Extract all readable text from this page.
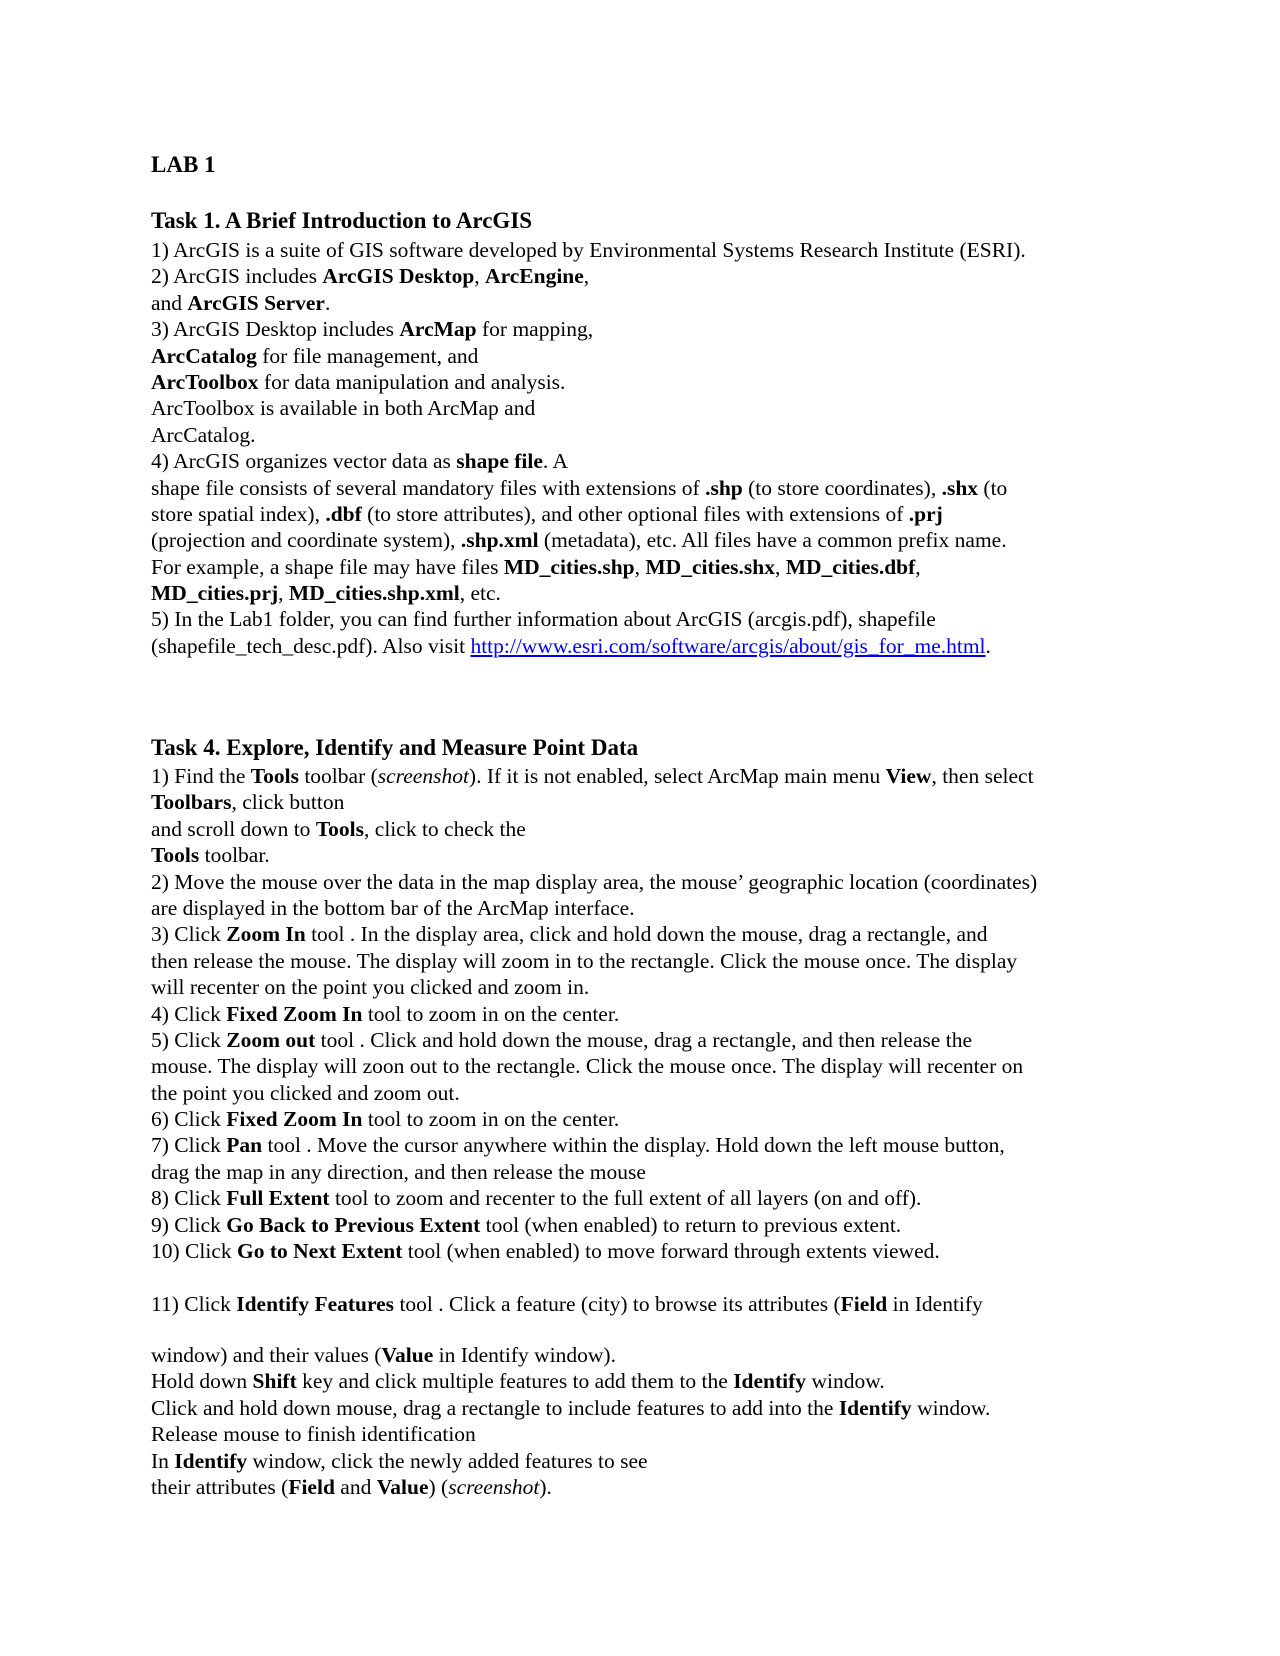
LAB 1
Task 1. A Brief Introduction to ArcGIS
1) ArcGIS is a suite of GIS software developed by Environmental Systems Research Institute (ESRI).
2) ArcGIS includes ArcGIS Desktop, ArcEngine,
and ArcGIS Server.
3) ArcGIS Desktop includes ArcMap for mapping,
ArcCatalog for file management, and
ArcToolbox for data manipulation and analysis.
ArcToolbox is available in both ArcMap and
ArcCatalog.
4) ArcGIS organizes vector data as shape file. A
shape file consists of several mandatory files with extensions of .shp (to store coordinates), .shx (to
store spatial index), .dbf (to store attributes), and other optional files with extensions of .prj
(projection and coordinate system), .shp.xml (metadata), etc. All files have a common prefix name.
For example, a shape file may have files MD_cities.shp, MD_cities.shx, MD_cities.dbf,
MD_cities.prj, MD_cities.shp.xml, etc.
5) In the Lab1 folder, you can find further information about ArcGIS (arcgis.pdf), shapefile
(shapefile_tech_desc.pdf). Also visit http://www.esri.com/software/arcgis/about/gis_for_me.html.
Task 4. Explore, Identify and Measure Point Data
1) Find the Tools toolbar (screenshot). If it is not enabled, select ArcMap main menu View, then select
Toolbars, click button
and scroll down to Tools, click to check the
Tools toolbar.
2) Move the mouse over the data in the map display area, the mouse’ geographic location (coordinates)
are displayed in the bottom bar of the ArcMap interface.
3) Click Zoom In tool . In the display area, click and hold down the mouse, drag a rectangle, and
then release the mouse. The display will zoom in to the rectangle. Click the mouse once. The display
will recenter on the point you clicked and zoom in.
4) Click Fixed Zoom In tool to zoom in on the center.
5) Click Zoom out tool . Click and hold down the mouse, drag a rectangle, and then release the
mouse. The display will zoon out to the rectangle. Click the mouse once. The display will recenter on
the point you clicked and zoom out.
6) Click Fixed Zoom In tool to zoom in on the center.
7) Click Pan tool . Move the cursor anywhere within the display. Hold down the left mouse button,
drag the map in any direction, and then release the mouse
8) Click Full Extent tool to zoom and recenter to the full extent of all layers (on and off).
9) Click Go Back to Previous Extent tool (when enabled) to return to previous extent.
10) Click Go to Next Extent tool (when enabled) to move forward through extents viewed.
11) Click Identify Features tool . Click a feature (city) to browse its attributes (Field in Identify
window) and their values (Value in Identify window).
Hold down Shift key and click multiple features to add them to the Identify window.
Click and hold down mouse, drag a rectangle to include features to add into the Identify window.
Release mouse to finish identification
In Identify window, click the newly added features to see
their attributes (Field and Value) (screenshot).
